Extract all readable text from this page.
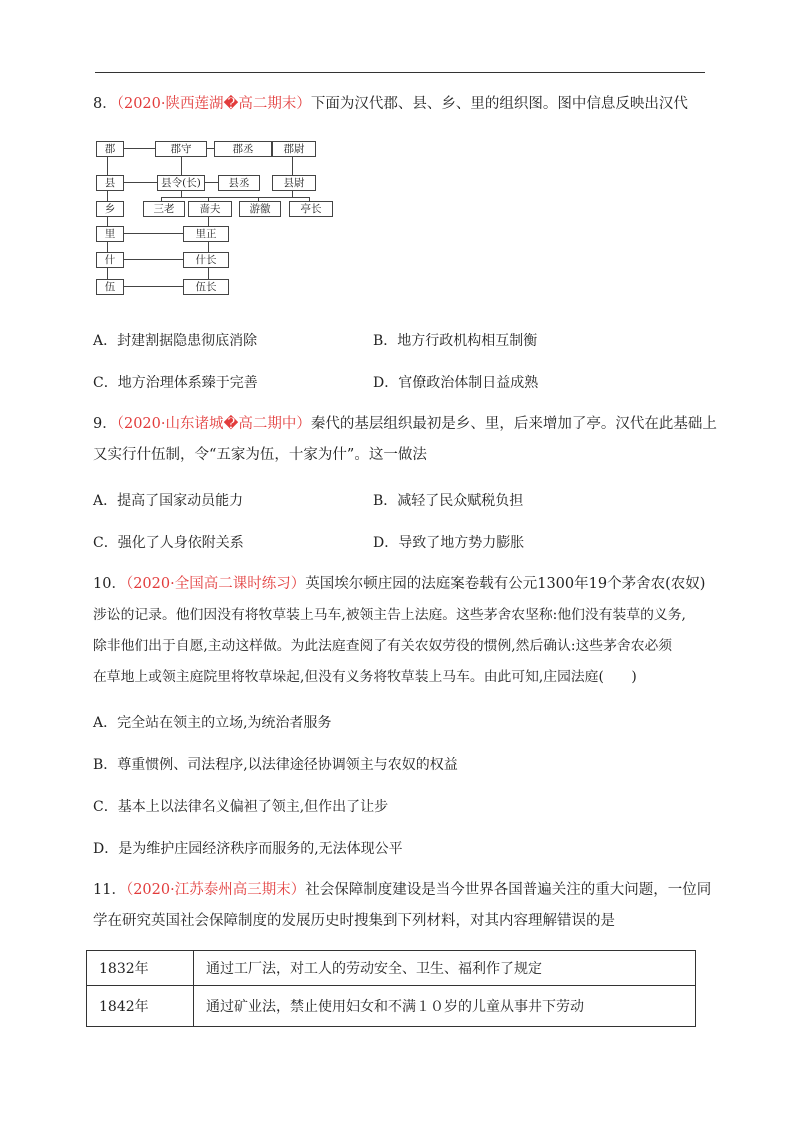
8．（2020·陕西莲湖�高二期末）下面为汉代郡、县、乡、里的组织图。图中信息反映出汉代
郡	郡守	郡丞	郡尉
县	县令(长)	县丞	县尉
乡	三老	啬夫	游徼	亭长
里	里正
什	什长
伍	伍长
A．封建割据隐患彻底消除	B．地方行政机构相互制衡
C．地方治理体系臻于完善	D．官僚政治体制日益成熟
9．（2020·山东诸城�高二期中）秦代的基层组织最初是乡、里，后来增加了亭。汉代在此基础上
又实行什伍制，令“五家为伍，十家为什”。这一做法
A．提高了国家动员能力	B．减轻了民众赋税负担
C．强化了人身依附关系	D．导致了地方势力膨胀
10．（2020·全国高二课时练习）英国埃尔顿庄园的法庭案卷载有公元1300年19个茅舍农(农奴)
涉讼的记录。他们因没有将牧草装上马车,被领主告上法庭。这些茅舍农坚称:他们没有装草的义务,
除非他们出于自愿,主动这样做。为此法庭查阅了有关农奴劳役的惯例,然后确认:这些茅舍农必须
在草地上或领主庭院里将牧草垛起,但没有义务将牧草装上马车。由此可知,庄园法庭(　　)
A．完全站在领主的立场,为统治者服务
B．尊重惯例、司法程序,以法律途径协调领主与农奴的权益
C．基本上以法律名义偏袒了领主,但作出了让步
D．是为维护庄园经济秩序而服务的,无法体现公平
11．（2020·江苏泰州高三期末）社会保障制度建设是当今世界各国普遍关注的重大问题，一位同
学在研究英国社会保障制度的发展历史时搜集到下列材料，对其内容理解错误的是
1832年	通过工厂法，对工人的劳动安全、卫生、福利作了规定
1842年	通过矿业法，禁止使用妇女和不满１０岁的儿童从事井下劳动
